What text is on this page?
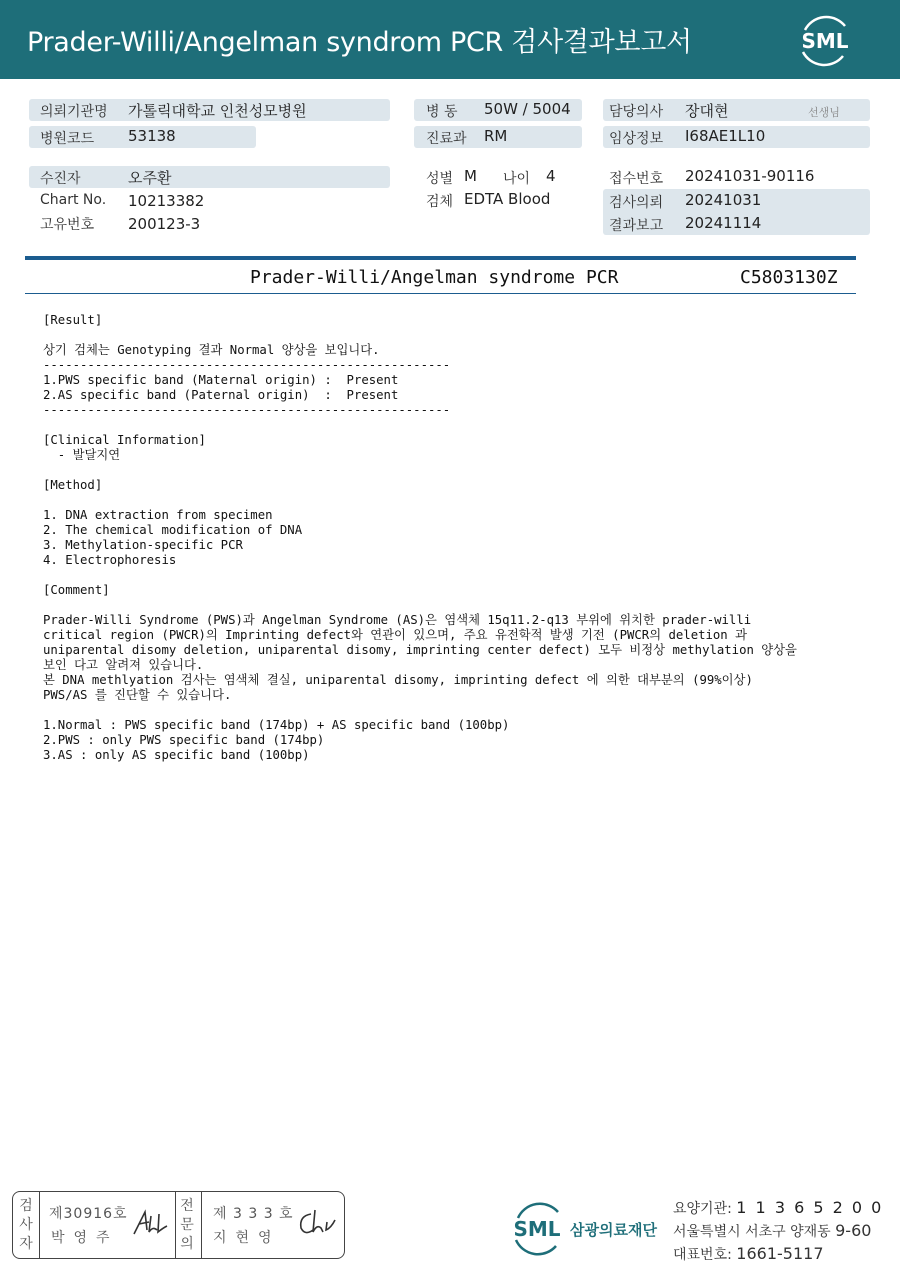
Prader-Willi/Angelman syndrom PCR 검사결과보고서	SML
의뢰기관명 가톨릭대학교 인천성모병원
병원코드 53138
병 동 50W / 5004
진료과 RM
담당의사 장대현	선생님
임상정보 I68AE1L10
수진자	오주환
Chart No. 10213382
고유번호 200123-3
성별 M 나이 4
검체 EDTA Blood
접수번호 20241031-90116
검사의뢰 20241031
결과보고 20241114
Prader-Willi/Angelman syndrome PCR	C5803130Z
[Result]

상기 검체는 Genotyping 결과 Normal 양상을 보입니다.
-------------------------------------------------------
1.PWS specific band (Maternal origin) :  Present
2.AS specific band (Paternal origin)  :  Present
-------------------------------------------------------

[Clinical Information]
- 발달지연

[Method]

1. DNA extraction from specimen
2. The chemical modification of DNA
3. Methylation-specific PCR
4. Electrophoresis

[Comment]

Prader-Willi Syndrome (PWS)과 Angelman Syndrome (AS)은 염색체 15q11.2-q13 부위에 위치한 prader-willi
critical region (PWCR)의 Imprinting defect와 연관이 있으며, 주요 유전학적 발생 기전 (PWCR의 deletion 과
uniparental disomy deletion, uniparental disomy, imprinting center defect) 모두 비정상 methylation 양상을
보인 다고 알려져 있습니다.
본 DNA methlyation 검사는 염색체 결실, uniparental disomy, imprinting defect 에 의한 대부분의 (99%이상)
PWS/AS 를 진단할 수 있습니다.

1.Normal : PWS specific band (174bp) + AS specific band (100bp)
2.PWS : only PWS specific band (174bp)
3.AS : only AS specific band (100bp)
검
사
자
제30916호
박영주
전
문
의
제 3 3 3 호
지현영	SML 삼광의료재단
요양기관: 1 1 3 6 5 2 0 0
서울특별시 서초구 양재동 9-60
대표번호: 1661-5117
